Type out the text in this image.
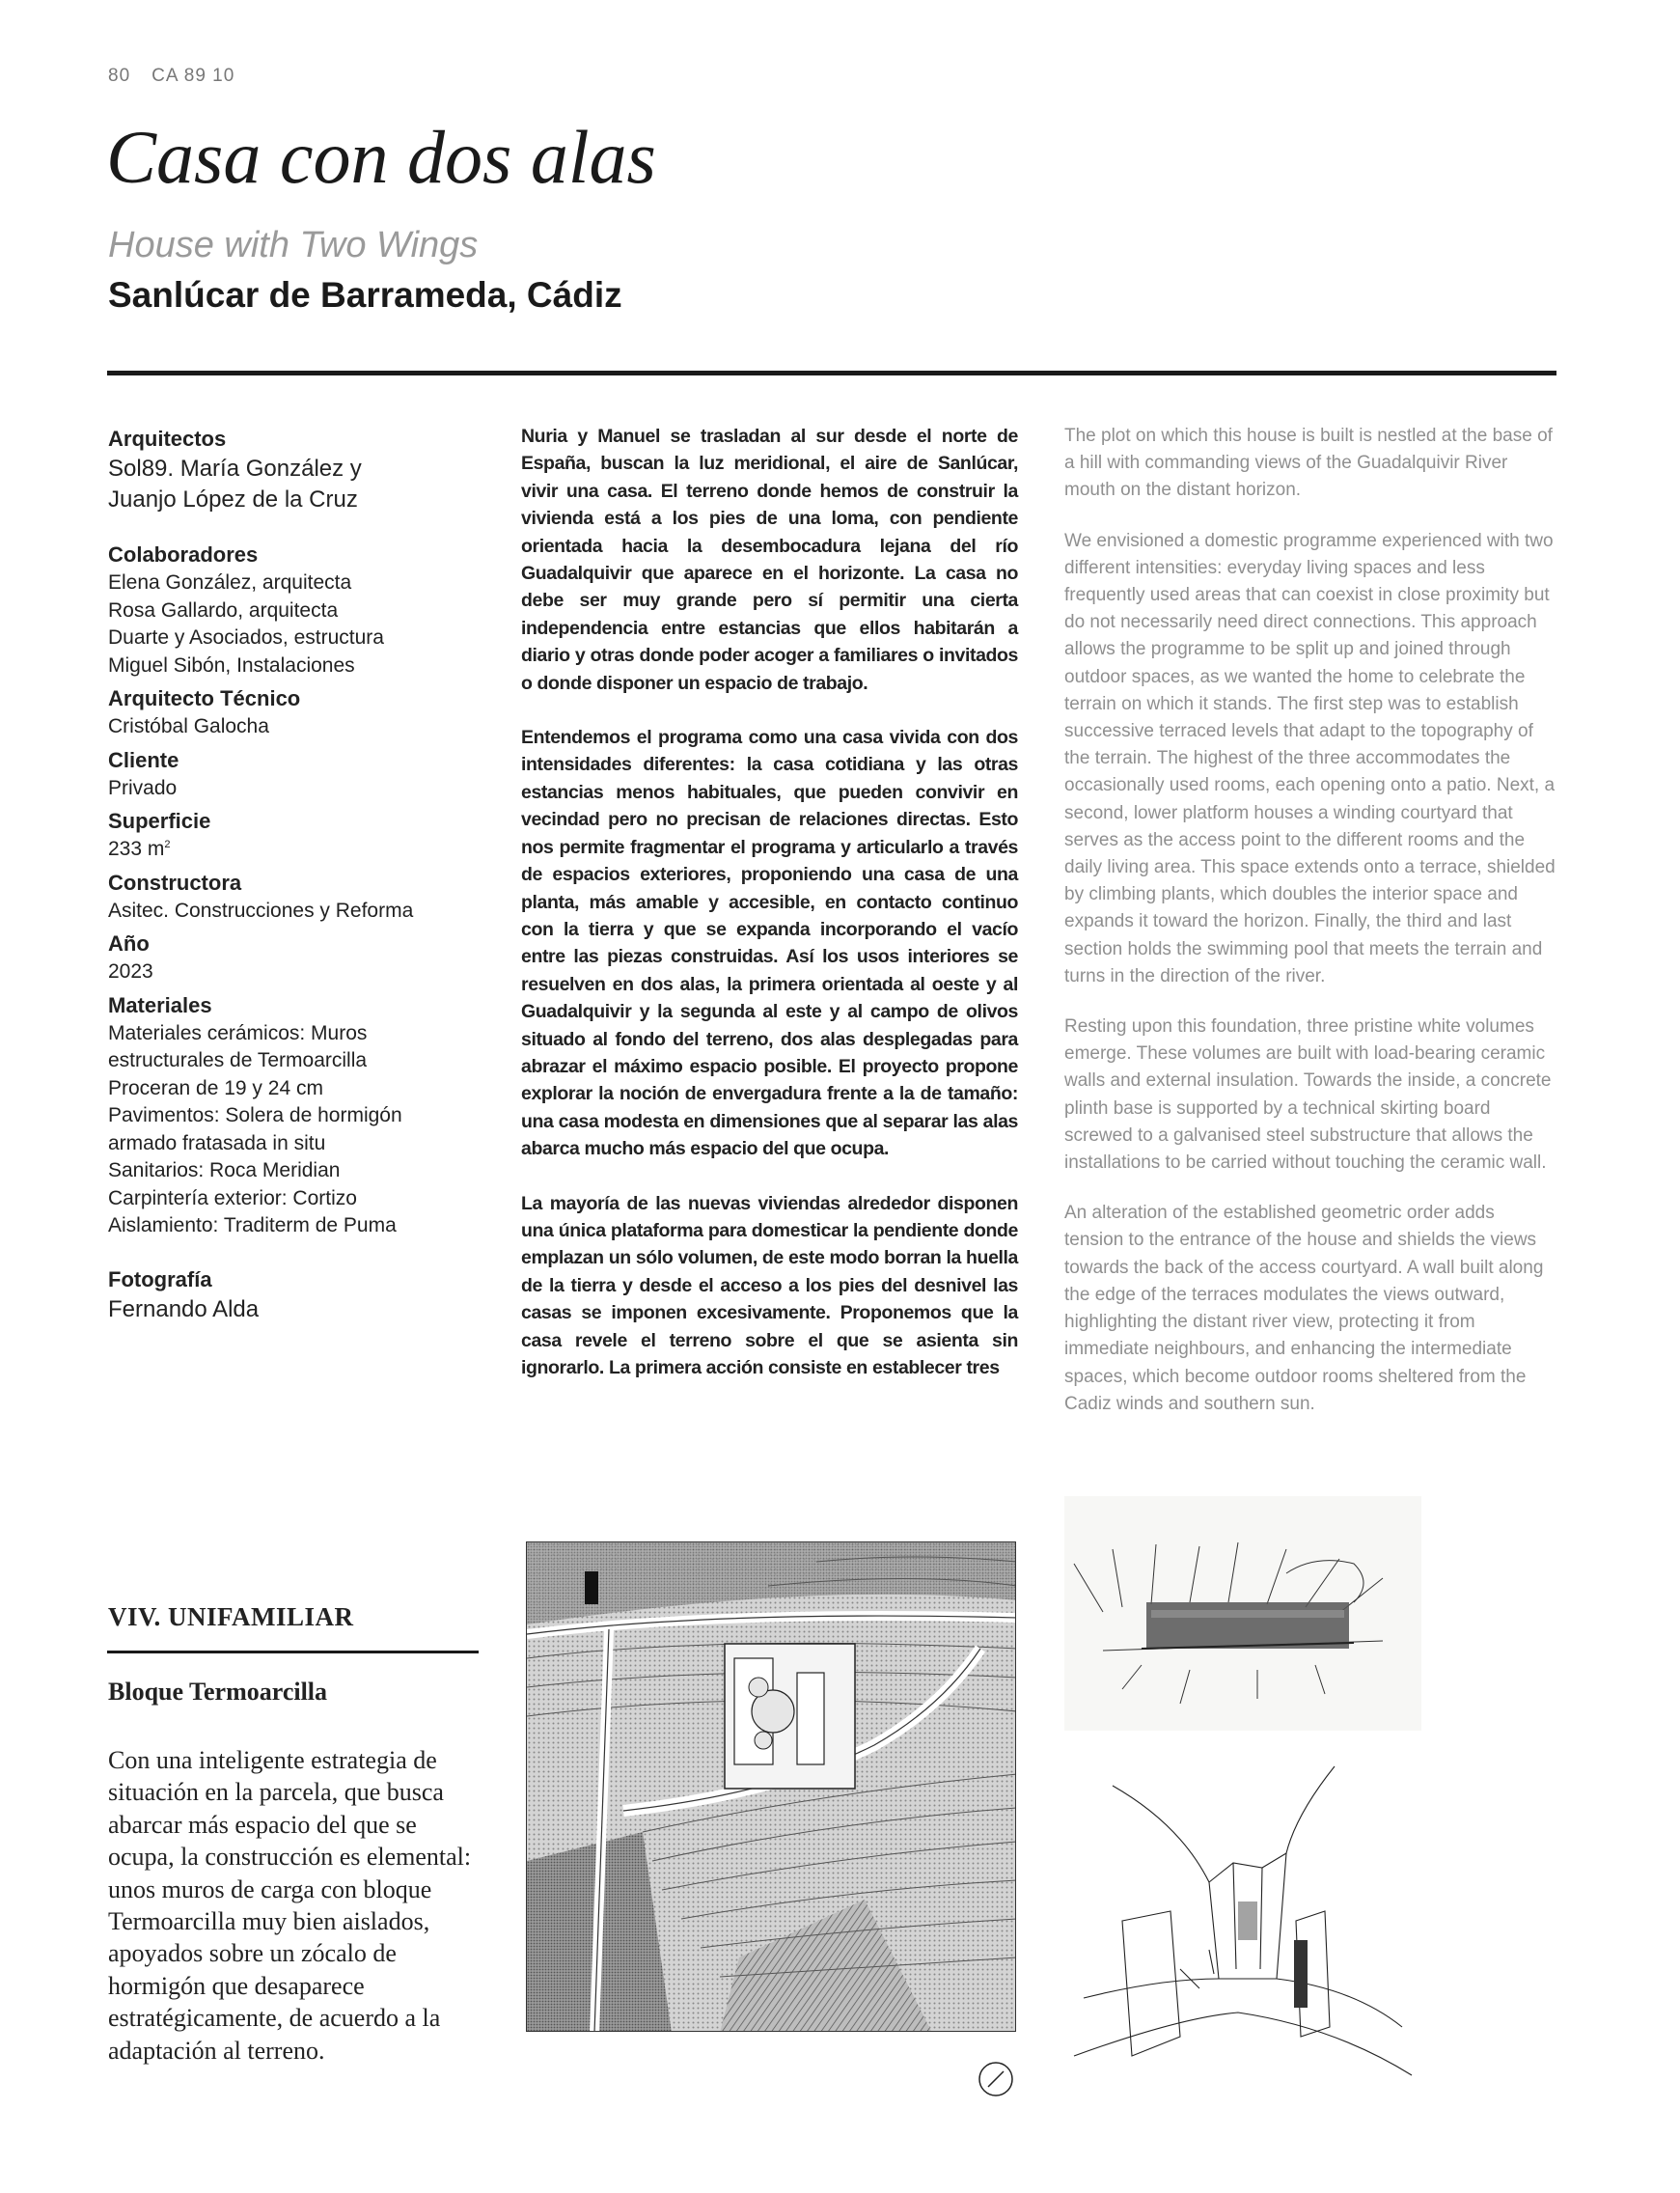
80 CA 89 10
Casa con dos alas
House with Two Wings
Sanlúcar de Barrameda, Cádiz
Arquitectos

Sol89. María González y

Juanjo López de la Cruz

Colaboradores

Elena González, arquitecta

Rosa Gallardo, arquitecta

Duarte y Asociados, estructura

Miguel Sibón, Instalaciones

Arquitecto Técnico

Cristóbal Galocha

Cliente

Privado

Superficie

233 $m^2$

Constructora

Asitec. Construcciones y Reforma

Año

2023

Materiales

Materiales cerámicos: Muros

estructurales de Termoarcilla

Proceran de 19 y 24 cm

Pavimentos: Solera de hormigón

armado fratasada in situ

Sanitarios: Roca Meridian

Carpintería exterior: Cortizo

Aislamiento: Traditerm de Puma

Fotografía

Fernando Alda

Nuria y Manuel se trasladan al sur desde el norte de España, buscan la luz meridional, el aire de Sanlúcar, vivir una casa. El terreno donde hemos de construir la vivienda está a los pies de una loma, con pendiente orientada hacia la desembocadura lejana del río Guadalquivir que aparece en el horizonte. La casa no debe ser muy grande pero sí permitir una cierta independencia entre estancias que ellos habitarán a diario y otras donde poder acoger a familiares o invitados o donde disponer un espacio de trabajo.

Entendemos el programa como una casa vivida con dos intensidades diferentes: la casa cotidiana y las otras estancias menos habituales, que pueden convivir en vecindad pero no precisan de relaciones directas. Esto nos permite fragmentar el programa y articularlo a través de espacios exteriores, proponiendo una casa de una planta, más amable y accesible, en contacto continuo con la tierra y que se expanda incorporando el vacío entre las piezas construidas. Así los usos interiores se resuelven en dos alas, la primera orientada al oeste y al Guadalquivir y la segunda al este y al campo de olivos situado al fondo del terreno, dos alas desplegadas para abrazar el máximo espacio posible. El proyecto propone explorar la noción de envergadura frente a la de tamaño: una casa modesta en dimensiones que al separar las alas abarca mucho más espacio del que ocupa.

La mayoría de las nuevas viviendas alrededor disponen una única plataforma para domesticar la pendiente donde emplazan un sólo volumen, de este modo borran la huella de la tierra y desde el acceso a los pies del desnivel las casas se imponen excesivamente. Proponemos que la casa revele el terreno sobre el que se asienta sin ignorarlo. La primera acción consiste en establecer tres

The plot on which this house is built is nestled at the base of a hill with commanding views of the Guadalquivir River mouth on the distant horizon.

We envisioned a domestic programme experienced with two different intensities: everyday living spaces and less frequently used areas that can coexist in close proximity but do not necessarily need direct connections. This approach allows the programme to be split up and joined through outdoor spaces, as we wanted the home to celebrate the terrain on which it stands. The first step was to establish successive terraced levels that adapt to the topography of the terrain. The highest of the three accommodates the occasionally used rooms, each opening onto a patio. Next, a second, lower platform houses a winding courtyard that serves as the access point to the different rooms and the daily living area. This space extends onto a terrace, shielded by climbing plants, which doubles the interior space and expands it toward the horizon. Finally, the third and last section holds the swimming pool that meets the terrain and turns in the direction of the river.

Resting upon this foundation, three pristine white volumes emerge. These volumes are built with load-bearing ceramic walls and external insulation. Towards the inside, a concrete plinth base is supported by a technical skirting board screwed to a galvanised steel substructure that allows the installations to be carried without touching the ceramic wall.

An alteration of the established geometric order adds tension to the entrance of the house and shields the views towards the back of the access courtyard. A wall built along the edge of the terraces modulates the views outward, highlighting the distant river view, protecting it from immediate neighbours, and enhancing the intermediate spaces, which become outdoor rooms sheltered from the Cadiz winds and southern sun.

VIV. UNIFAMILIAR
Bloque Termoarcilla

Con una inteligente estrategia de situación en la parcela, que busca abarcar más espacio del que se ocupa, la construcción es elemental: unos muros de carga con bloque Termoarcilla muy bien aislados, apoyados sobre un zócalo de hormigón que desaparece estratégicamente, de acuerdo a la adaptación al terreno.
